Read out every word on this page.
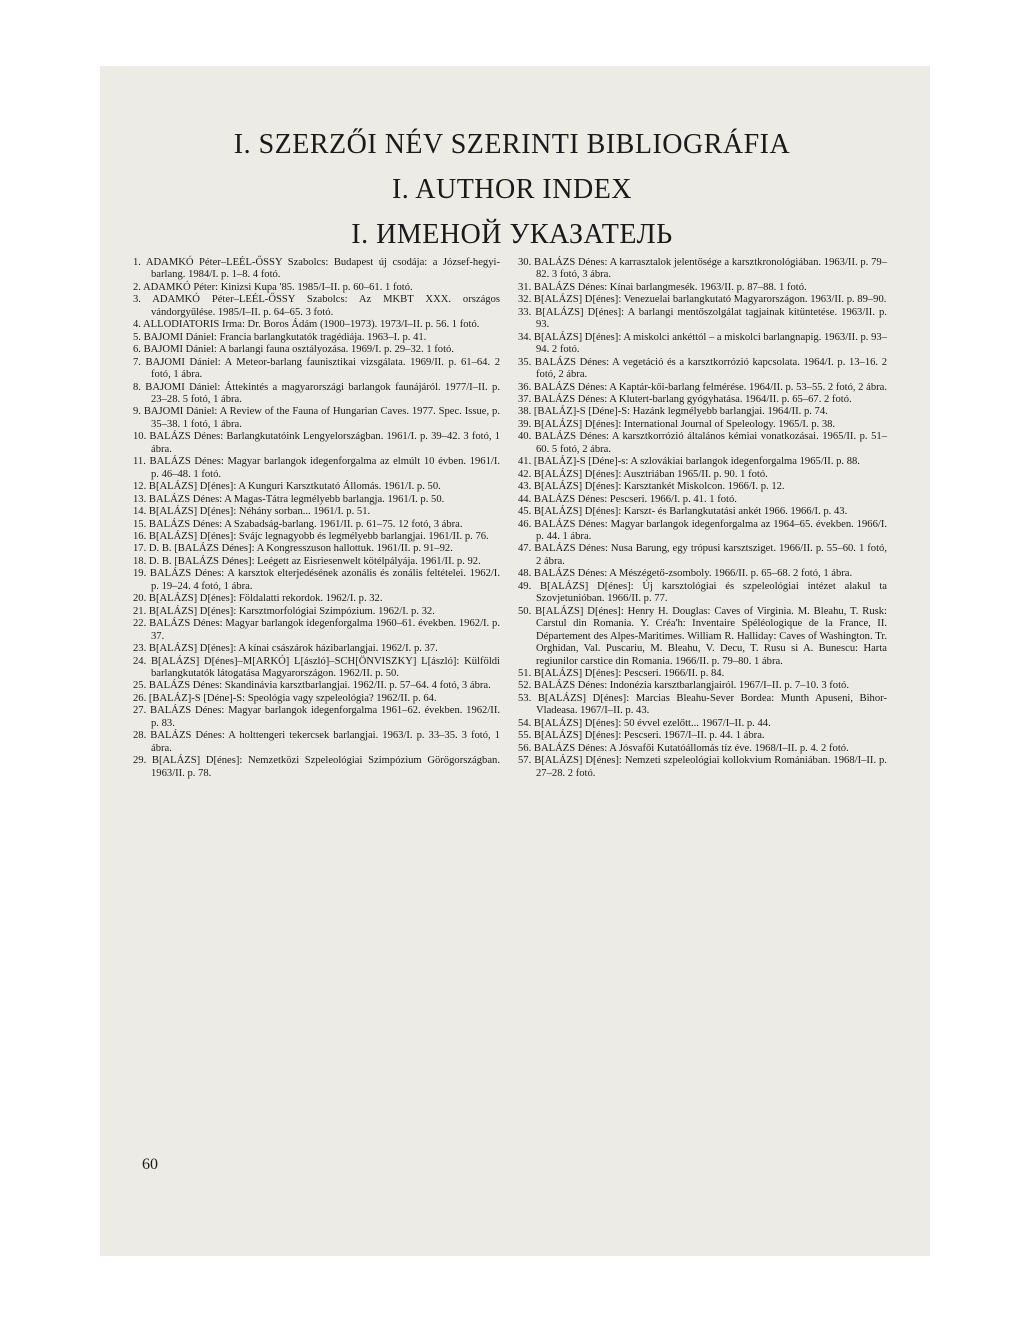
I. SZERZŐI NÉV SZERINTI BIBLIOGRÁFIA
I. AUTHOR INDEX
I. ИМЕНОЙ УКАЗАТЕЛЬ
1. ADAMKÓ Péter–LEÉL-ŐSSY Szabolcs: Budapest új csodája: a József-hegyi-barlang. 1984/I. p. 1–8. 4 fotó.
2. ADAMKÓ Péter: Kinizsi Kupa '85. 1985/I–II. p. 60–61. 1 fotó.
3. ADAMKÓ Péter–LEÉL-ŐSSY Szabolcs: Az MKBT XXX. országos vándorgyűlése. 1985/I–II. p. 64–65. 3 fotó.
4. ALLODIATORIS Irma: Dr. Boros Ádám (1900–1973). 1973/I–II. p. 56. 1 fotó.
5. BAJOMI Dániel: Francia barlangkutatók tragédiája. 1963–I. p. 41.
6. BAJOMI Dániel: A barlangi fauna osztályozása. 1969/I. p. 29–32. 1 fotó.
7. BAJOMI Dániel: A Meteor-barlang faunisztikai vizsgálata. 1969/II. p. 61–64. 2 fotó, 1 ábra.
8. BAJOMI Dániel: Áttekintés a magyarországi barlangok faunájáról. 1977/I–II. p. 23–28. 5 fotó, 1 ábra.
9. BAJOMI Dániel: A Review of the Fauna of Hungarian Caves. 1977. Spec. Issue, p. 35–38. 1 fotó, 1 ábra.
10. BALÁZS Dénes: Barlangkutatóink Lengyelországban. 1961/I. p. 39–42. 3 fotó, 1 ábra.
11. BALÁZS Dénes: Magyar barlangok idegenforgalma az elmúlt 10 évben. 1961/I. p. 46–48. 1 fotó.
12. B[ALÁZS] D[énes]: A Kunguri Karsztkutató Állomás. 1961/I. p. 50.
13. BALÁZS Dénes: A Magas-Tátra legmélyebb barlangja. 1961/I. p. 50.
14. B[ALÁZS] D[énes]: Néhány sorban... 1961/I. p. 51.
15. BALÁZS Dénes: A Szabadság-barlang. 1961/II. p. 61–75. 12 fotó, 3 ábra.
16. B[ALÁZS] D[énes]: Svájc legnagyobb és legmélyebb barlangjai. 1961/II. p. 76.
17. D. B. [BALÁZS Dénes]: A Kongresszuson hallottuk. 1961/II. p. 91–92.
18. D. B. [BALÁZS Dénes]: Leégett az Eisriesenwelt kötélpályája. 1961/II. p. 92.
19. BALÁZS Dénes: A karsztok elterjedésének azonális és zonális feltételei. 1962/I. p. 19–24. 4 fotó, 1 ábra.
20. B[ALÁZS] D[énes]: Földalatti rekordok. 1962/I. p. 32.
21. B[ALÁZS] D[énes]: Karsztmorfológiai Szimpózium. 1962/I. p. 32.
22. BALÁZS Dénes: Magyar barlangok idegenforgalma 1960–61. években. 1962/I. p. 37.
23. B[ALÁZS] D[énes]: A kínai császárok házibarlangjai. 1962/I. p. 37.
24. B[ALÁZS] D[énes]–M[ARKÓ] L[ászló]–SCH[ÖNVISZKY] L[ászló]: Külföldi barlangkutatók látogatása Magyarországon. 1962/II. p. 50.
25. BALÁZS Dénes: Skandinávia karsztbarlangjai. 1962/II. p. 57–64. 4 fotó, 3 ábra.
26. [BALÁZ]-S [Déne]-S: Speológia vagy szpeleológia? 1962/II. p. 64.
27. BALÁZS Dénes: Magyar barlangok idegenforgalma 1961–62. években. 1962/II. p. 83.
28. BALÁZS Dénes: A holttengeri tekercsek barlangjai. 1963/I. p. 33–35. 3 fotó, 1 ábra.
29. B[ALÁZS] D[énes]: Nemzetközi Szpeleológiai Szimpózium Görögországban. 1963/II. p. 78.
30. BALÁZS Dénes: A karrasztalok jelentősége a karsztkronológiában. 1963/II. p. 79–82. 3 fotó, 3 ábra.
31. BALÁZS Dénes: Kínai barlangmesék. 1963/II. p. 87–88. 1 fotó.
32. B[ALÁZS] D[énes]: Venezuelai barlangkutató Magyarországon. 1963/II. p. 89–90.
33. B[ALÁZS] D[énes]: A barlangi mentőszolgálat tagjainak kitüntetése. 1963/II. p. 93.
34. B[ALÁZS] D[énes]: A miskolci ankéttól – a miskolci barlangnapig. 1963/II. p. 93–94. 2 fotó.
35. BALÁZS Dénes: A vegetáció és a karsztkorrózió kapcsolata. 1964/I. p. 13–16. 2 fotó, 2 ábra.
36. BALÁZS Dénes: A Kaptár-kői-barlang felmérése. 1964/II. p. 53–55. 2 fotó, 2 ábra.
37. BALÁZS Dénes: A Klutert-barlang gyógyhatása. 1964/II. p. 65–67. 2 fotó.
38. [BALÁZ]-S [Déne]-S: Hazánk legmélyebb barlangjai. 1964/II. p. 74.
39. B[ALÁZS] D[énes]: International Journal of Speleology. 1965/I. p. 38.
40. BALÁZS Dénes: A karsztkorrózió általános kémiai vonatkozásai. 1965/II. p. 51–60. 5 fotó, 2 ábra.
41. [BALÁZ]-S [Déne]-s: A szlovákiai barlangok idegenforgalma 1965/II. p. 88.
42. B[ALÁZS] D[énes]: Ausztriában 1965/II. p. 90. 1 fotó.
43. B[ALÁZS] D[énes]: Karsztankét Miskolcon. 1966/I. p. 12.
44. BALÁZS Dénes: Pescseri. 1966/I. p. 41. 1 fotó.
45. B[ALÁZS] D[énes]: Karszt- és Barlangkutatási ankét 1966. 1966/I. p. 43.
46. BALÁZS Dénes: Magyar barlangok idegenforgalma az 1964–65. években. 1966/I. p. 44. 1 ábra.
47. BALÁZS Dénes: Nusa Barung, egy trópusi karsztsziget. 1966/II. p. 55–60. 1 fotó, 2 ábra.
48. BALÁZS Dénes: A Mészégető-zsomboly. 1966/II. p. 65–68. 2 fotó, 1 ábra.
49. B[ALÁZS] D[énes]: Új karsztológiai és szpeleológiai intézet alakul ta Szovjetunióban. 1966/II. p. 77.
50. B[ALÁZS] D[énes]: Henry H. Douglas: Caves of Virginia. M. Bleahu, T. Rusk: Carstul din Romania. Y. Créa'h: Inventaire Spéléologique de la France, II. Département des Alpes-Maritimes. William R. Halliday: Caves of Washington. Tr. Orghidan, Val. Puscariu, M. Bleahu, V. Decu, T. Rusu si A. Bunescu: Harta regiunilor carstice din Romania. 1966/II. p. 79–80. 1 ábra.
51. B[ALÁZS] D[énes]: Pescseri. 1966/II. p. 84.
52. BALÁZS Dénes: Indonézia karsztbarlangjairól. 1967/I–II. p. 7–10. 3 fotó.
53. B[ALÁZS] D[énes]: Marcias Bleahu-Sever Bordea: Munth Apuseni, Bihor-Vladeasa. 1967/I–II. p. 43.
54. B[ALÁZS] D[énes]: 50 évvel ezelőtt... 1967/I–II. p. 44.
55. B[ALÁZS] D[énes]: Pescseri. 1967/I–II. p. 44. 1 ábra.
56. BALÁZS Dénes: A Jósvafői Kutatóállomás tíz éve. 1968/I–II. p. 4. 2 fotó.
57. B[ALÁZS] D[énes]: Nemzeti szpeleológiai kollokvium Romániában. 1968/I–II. p. 27–28. 2 fotó.
60
